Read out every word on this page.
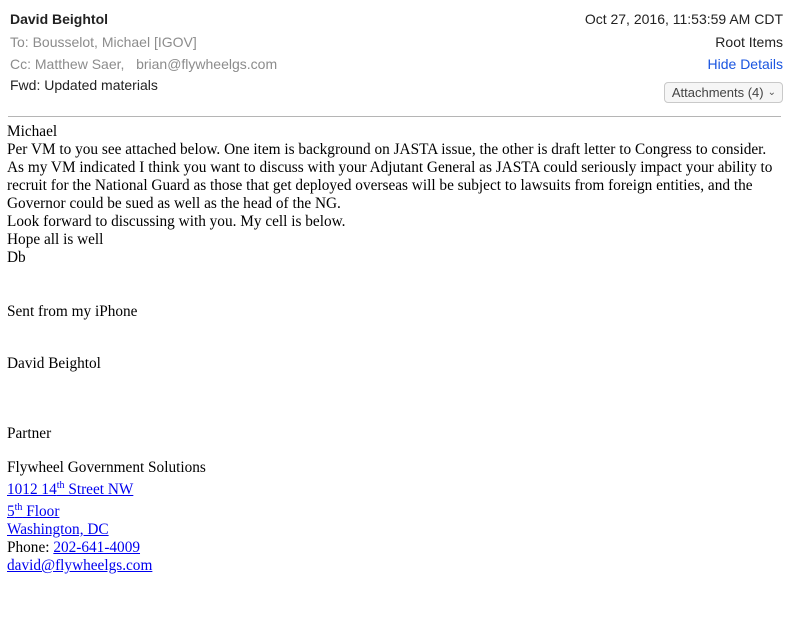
David Beightol
To: Bousselot, Michael [IGOV]
Cc: Matthew Saer, brian@flywheelgs.com
Fwd: Updated materials
Oct 27, 2016, 11:53:59 AM CDT
Root Items
Hide Details
Attachments (4) ⌄

Michael

Per VM to you see attached below. One item is background on JASTA issue, the other is draft letter to Congress to consider.

As my VM indicated I think you want to discuss with your Adjutant General as JASTA could seriously impact your ability to recruit for the National Guard as those that get deployed overseas will be subject to lawsuits from foreign entities, and the Governor could be sued as well as the head of the NG.

Look forward to discussing with you. My cell is below.

Hope all is well

Db

Sent from my iPhone

David Beightol

Partner

Flywheel Government Solutions

1012 14th Street NW

5th Floor

Washington, DC

Phone: 202-641-4009

david@flywheelgs.com
